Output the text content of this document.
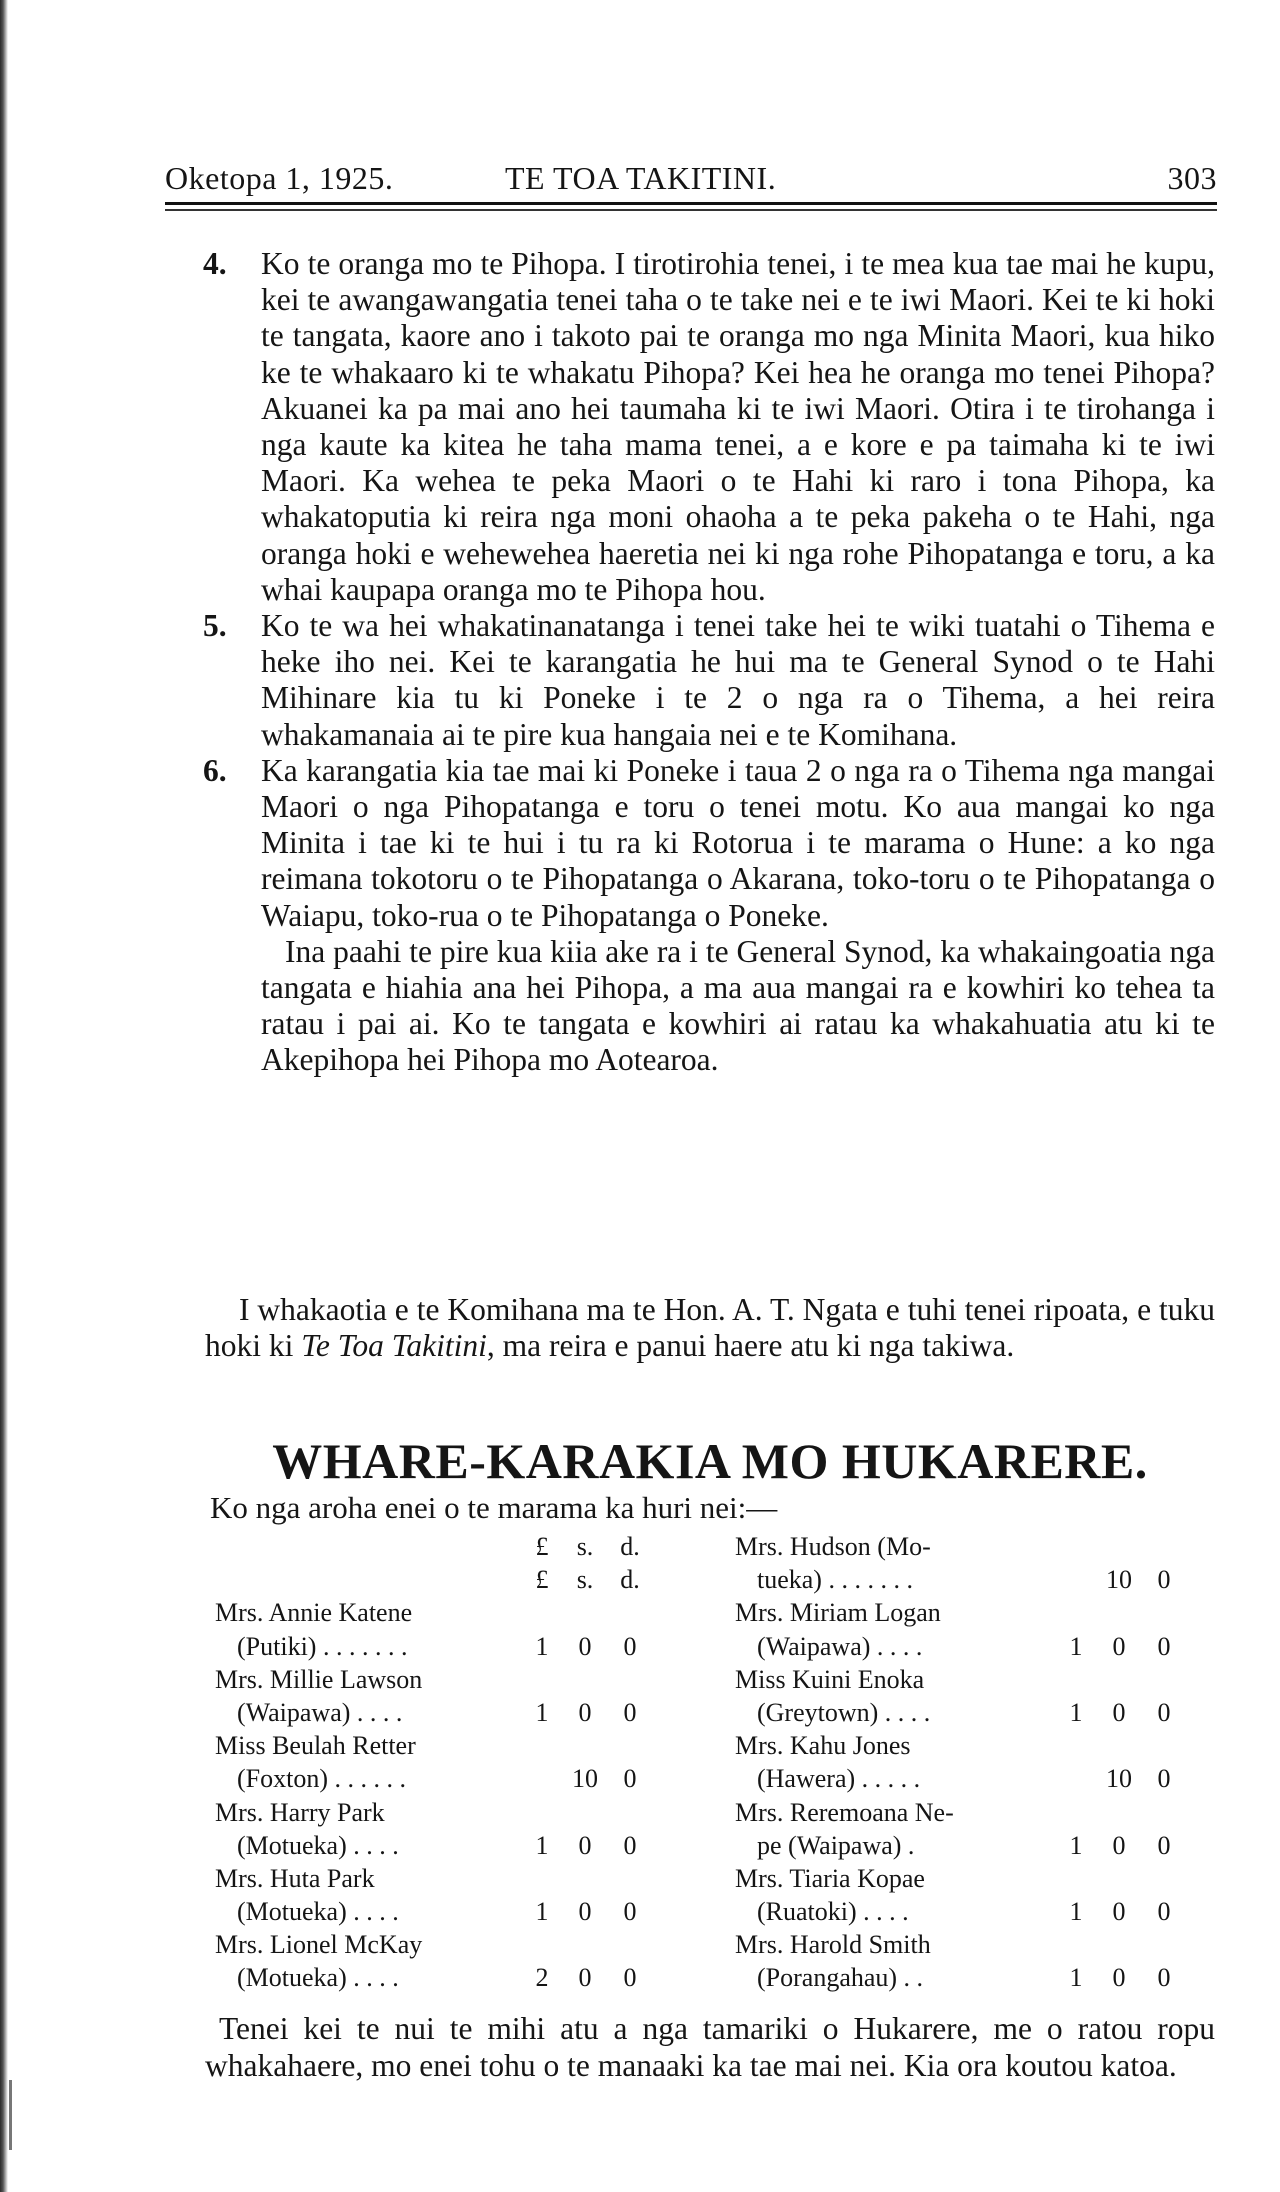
Oketopa 1, 1925.	TE TOA TAKITINI.	303
4. Ko te oranga mo te Pihopa. I tirotirohia tenei, i te mea kua tae mai he kupu, kei te awangawangatia tenei taha o te take nei e te iwi Maori. Kei te ki hoki te tangata, kaore ano i takoto pai te oranga mo nga Minita Maori, kua hiko ke te whakaaro ki te whakatu Pihopa? Kei hea he oranga mo tenei Pihopa? Akuanei ka pa mai ano hei taumaha ki te iwi Maori. Otira i te tirohanga i nga kaute ka kitea he taha mama tenei, a e kore e pa taimaha ki te iwi Maori. Ka wehea te peka Maori o te Hahi ki raro i tona Pihopa, ka whakatoputia ki reira nga moni ohaoha a te peka pakeha o te Hahi, nga oranga hoki e wehewehea haeretia nei ki nga rohe Pihopatanga e toru, a ka whai kaupapa oranga mo te Pihopa hou.

5. Ko te wa hei whakatinanatanga i tenei take hei te wiki tuatahi o Tihema e heke iho nei. Kei te karangatia he hui ma te General Synod o te Hahi Mihinare kia tu ki Poneke i te 2 o nga ra o Tihema, a hei reira whakamanaia ai te pire kua hangaia nei e te Komihana.

6. Ka karangatia kia tae mai ki Poneke i taua 2 o nga ra o Tihema nga mangai Maori o nga Pihopatanga e toru o tenei motu. Ko aua mangai ko nga Minita i tae ki te hui i tu ra ki Rotorua i te marama o Hune: a ko nga reimana tokotoru o te Pihopatanga o Akarana, toko-toru o te Pihopatanga o Waiapu, toko-rua o te Pihopatanga o Poneke.

Ina paahi te pire kua kiia ake ra i te General Synod, ka whakaingoatia nga tangata e hiahia ana hei Pihopa, a ma aua mangai ra e kowhiri ko tehea ta ratau i pai ai. Ko te tangata e kowhiri ai ratau ka whakahuatia atu ki te Akepihopa hei Pihopa mo Aotearoa.

I whakaotia e te Komihana ma te Hon. A. T. Ngata e tuhi tenei ripoata, e tuku hoki ki Te Toa Takitini, ma reira e panui haere atu ki nga takiwa.
WHARE-KARAKIA MO HUKARERE.
Ko nga aroha enei o te marama ka huri nei:—
£	s. d.
£	s. d.
Mrs. Annie Katene
(Putiki) . . . . . . .	1	0	0
Mrs. Millie Lawson
(Waipawa) . . . .	1	0	0
Miss Beulah Retter
(Foxton) . . . . . .	10 0
Mrs. Harry Park
(Motueka) . . . .	1	0	0
Mrs. Huta Park
(Motueka) . . . .	1	0	0
Mrs. Lionel McKay
(Motueka) . . . .	2	0	0
Mrs. Hudson (Mo-
tueka) . . . . . . .	10 0
Mrs. Miriam Logan
(Waipawa) . . . .	1	0	0
Miss Kuini Enoka
(Greytown) . . . .	1	0	0
Mrs. Kahu Jones
(Hawera) . . . . .	10 0
Mrs. Reremoana Ne-
pe (Waipawa) .	1	0	0
Mrs. Tiaria Kopae
(Ruatoki) . . . .	1	0	0
Mrs. Harold Smith
(Porangahau) . .	1	0	0
Tenei kei te nui te mihi atu a nga tamariki o Hukarere, me o ratou ropu whakahaere, mo enei tohu o te manaaki ka tae mai nei. Kia ora koutou katoa.
